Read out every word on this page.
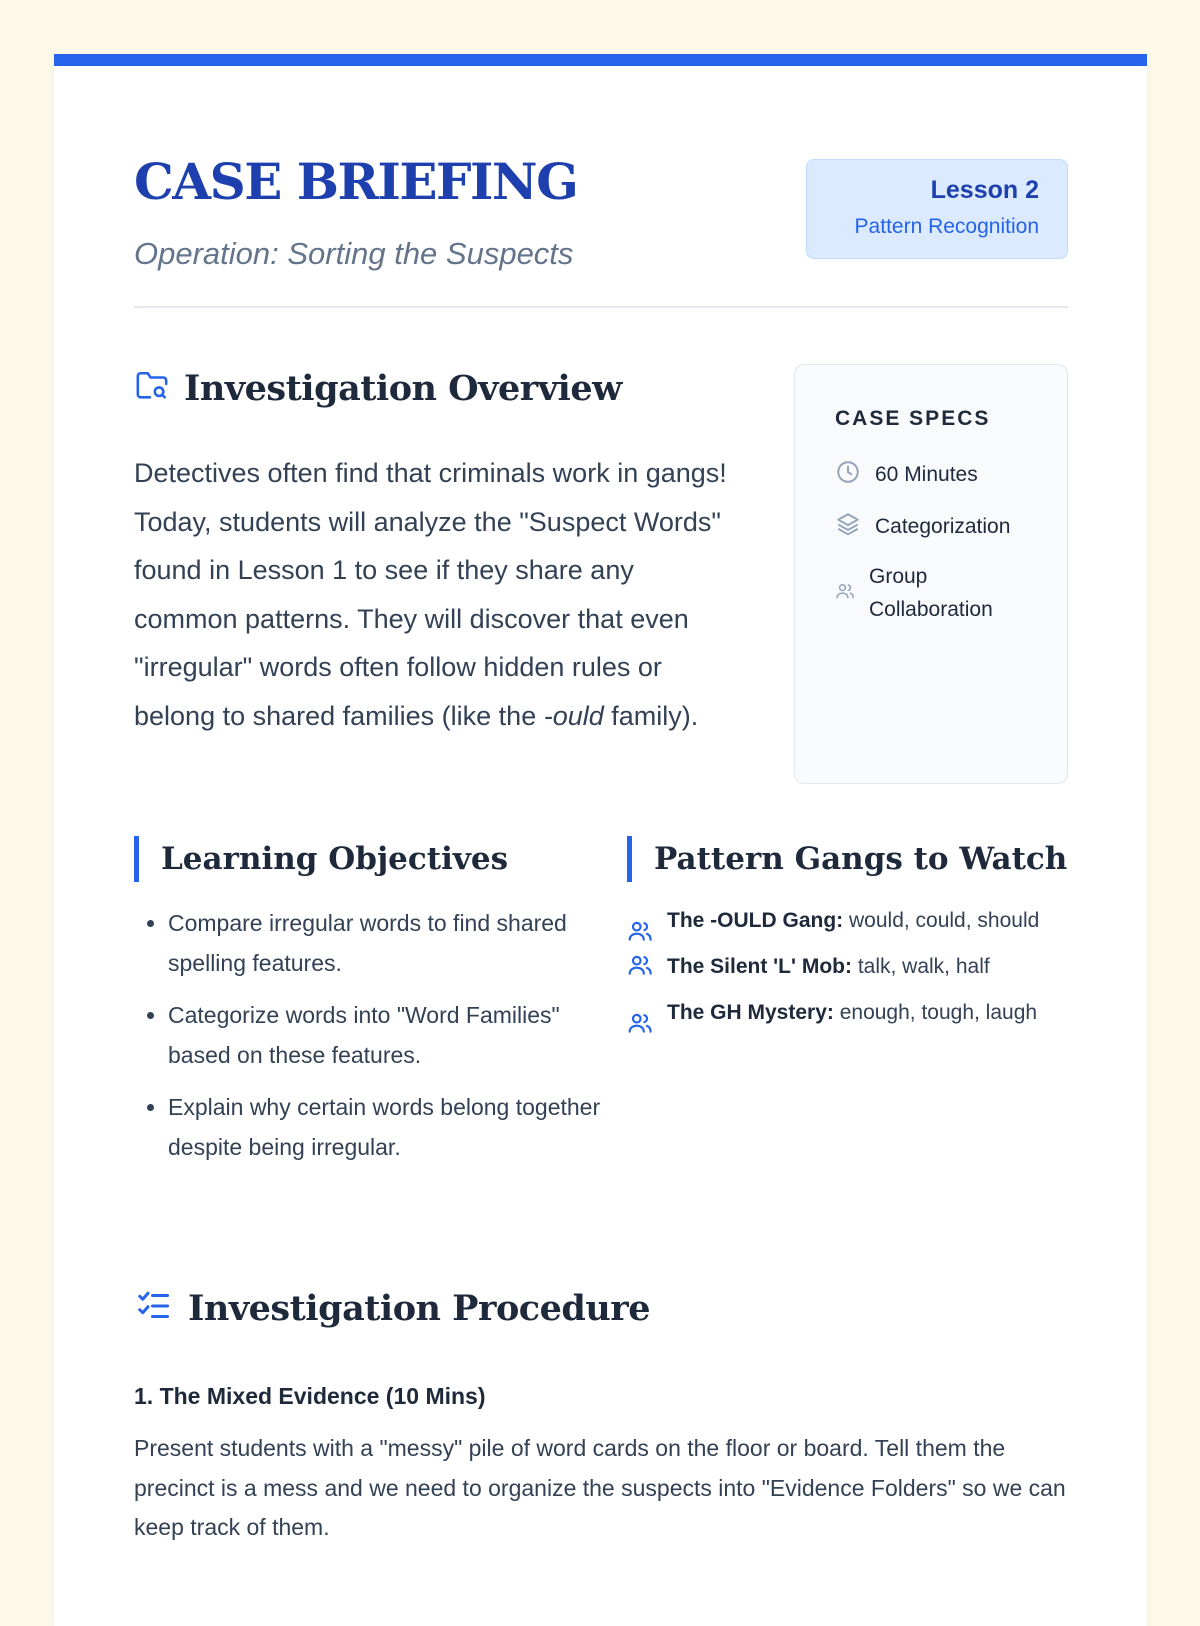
CASE BRIEFING
Operation: Sorting the Suspects
Lesson 2
Pattern Recognition
Investigation Overview

Detectives often find that criminals work in gangs! Today, students will analyze the "Suspect Words" found in Lesson 1 to see if they share any common patterns. They will discover that even "irregular" words often follow hidden rules or belong to shared families (like the -ould family).

CASE SPECS
60 Minutes
Categorization
Group Collaboration
Learning Objectives
• Compare irregular words to find shared spelling features.
• Categorize words into "Word Families" based on these features.
• Explain why certain words belong together despite being irregular.
Pattern Gangs to Watch
The -OULD Gang: would, could, should
The Silent 'L' Mob: talk, walk, half
The GH Mystery: enough, tough, laugh
Investigation Procedure
1. The Mixed Evidence (10 Mins)

Present students with a "messy" pile of word cards on the floor or board. Tell them the precinct is a mess and we need to organize the suspects into "Evidence Folders" so we can keep track of them.
